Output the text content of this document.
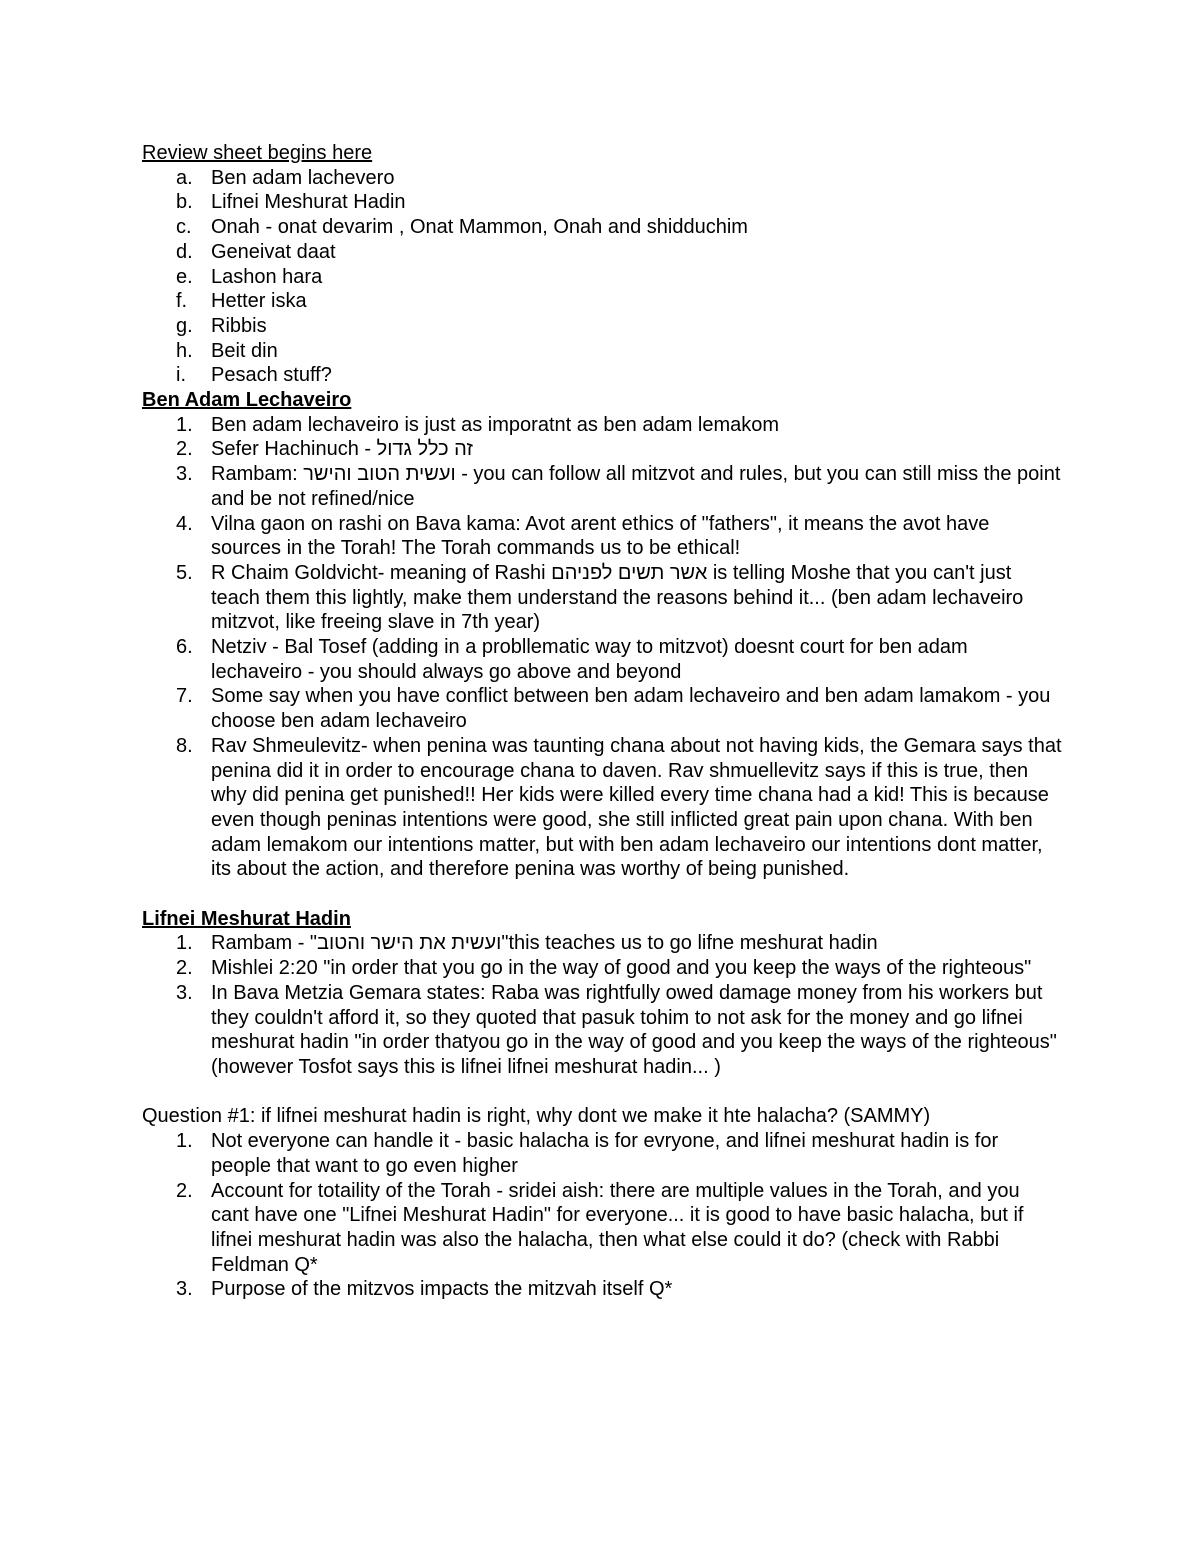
Review sheet begins here

a. Ben adam lachevero
b. Lifnei Meshurat Hadin
c. Onah - onat devarim , Onat Mammon, Onah and shidduchim
d. Geneivat daat
e. Lashon hara
f.	Hetter iska
g. Ribbis
h. Beit din
i.	Pesach stuff?

Ben Adam Lechaveiro

1. Ben adam lechaveiro is just as imporatnt as ben adam lemakom
2. Sefer Hachinuch - זה כלל גדול
3. Rambam: ועשית הטוב והישר - you can follow all mitzvot and rules, but you can still miss the point and be not refined/nice
4. Vilna gaon on rashi on Bava kama: Avot arent ethics of "fathers", it means the avot have sources in the Torah! The Torah commands us to be ethical!
5. R Chaim Goldvicht- meaning of Rashi אשר תשים לפניהם is telling Moshe that you can't just teach them this lightly, make them understand the reasons behind it... (ben adam lechaveiro mitzvot, like freeing slave in 7th year)
6. Netziv - Bal Tosef (adding in a probllematic way to mitzvot) doesnt court for ben adam lechaveiro - you should always go above and beyond
7. Some say when you have conflict between ben adam lechaveiro and ben adam lamakom - you choose ben adam lechaveiro
8. Rav Shmeulevitz- when penina was taunting chana about not having kids, the Gemara says that penina did it in order to encourage chana to daven. Rav shmuellevitz says if this is true, then why did penina get punished!! Her kids were killed every time chana had a kid! This is because even though peninas intentions were good, she still inflicted great pain upon chana. With ben adam lemakom our intentions matter, but with ben adam lechaveiro our intentions dont matter, its about the action, and therefore penina was worthy of being punished.

Lifnei Meshurat Hadin

1. Rambam - "ועשית את הישר והטוב"this teaches us to go lifne meshurat hadin
2. Mishlei 2:20 "in order that you go in the way of good and you keep the ways of the righteous"
3. In Bava Metzia Gemara states: Raba was rightfully owed damage money from his workers but they couldn't afford it, so they quoted that pasuk tohim to not ask for the money and go lifnei meshurat hadin "in order thatyou go in the way of good and you keep the ways of the righteous" (however Tosfot says this is lifnei lifnei meshurat hadin... )

Question #1: if lifnei meshurat hadin is right, why dont we make it hte halacha? (SAMMY)

1. Not everyone can handle it - basic halacha is for evryone, and lifnei meshurat hadin is for people that want to go even higher
2. Account for totaility of the Torah - sridei aish: there are multiple values in the Torah, and you cant have one "Lifnei Meshurat Hadin" for everyone... it is good to have basic halacha, but if lifnei meshurat hadin was also the halacha, then what else could it do? (check with Rabbi Feldman Q*
3. Purpose of the mitzvos impacts the mitzvah itself Q*
